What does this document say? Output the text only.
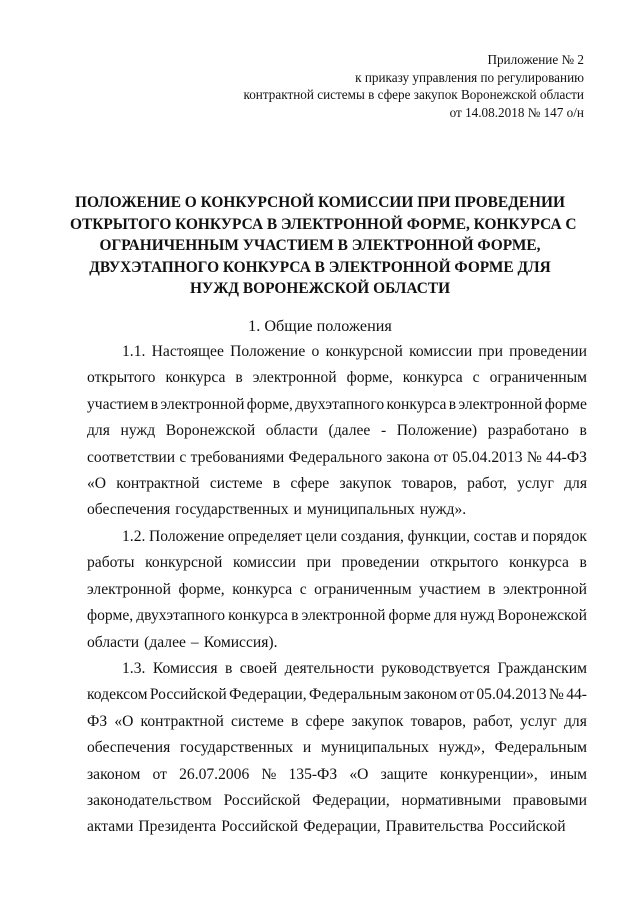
Приложение № 2
к приказу управления по регулированию
контрактной системы в сфере закупок Воронежской области
от 14.08.2018 № 147 о/н
ПОЛОЖЕНИЕ О КОНКУРСНОЙ КОМИССИИ ПРИ ПРОВЕДЕНИИ
ОТКРЫТОГО КОНКУРСА В ЭЛЕКТРОННОЙ ФОРМЕ, КОНКУРСА С
ОГРАНИЧЕННЫМ УЧАСТИЕМ В ЭЛЕКТРОННОЙ ФОРМЕ,
ДВУХЭТАПНОГО КОНКУРСА В ЭЛЕКТРОННОЙ ФОРМЕ ДЛЯ
НУЖД ВОРОНЕЖСКОЙ ОБЛАСТИ
1. Общие положения
1.1. Настоящее Положение о конкурсной комиссии при проведении
открытого конкурса в электронной форме, конкурса с ограниченным
участием в электронной форме, двухэтапного конкурса в электронной форме
для нужд Воронежской области (далее - Положение) разработано в
соответствии с требованиями Федерального закона от 05.04.2013 № 44-ФЗ
«О контрактной системе в сфере закупок товаров, работ, услуг для
обеспечения государственных и муниципальных нужд».
1.2. Положение определяет цели создания, функции, состав и порядок
работы конкурсной комиссии при проведении открытого конкурса в
электронной форме, конкурса с ограниченным участием в электронной
форме, двухэтапного конкурса в электронной форме для нужд Воронежской
области (далее – Комиссия).
1.3. Комиссия в своей деятельности руководствуется Гражданским
кодексом Российской Федерации, Федеральным законом от 05.04.2013 № 44-
ФЗ «О контрактной системе в сфере закупок товаров, работ, услуг для
обеспечения государственных и муниципальных нужд», Федеральным
законом от 26.07.2006 № 135-ФЗ «О защите конкуренции», иным
законодательством Российской Федерации, нормативными правовыми
актами Президента Российской Федерации, Правительства Российской
